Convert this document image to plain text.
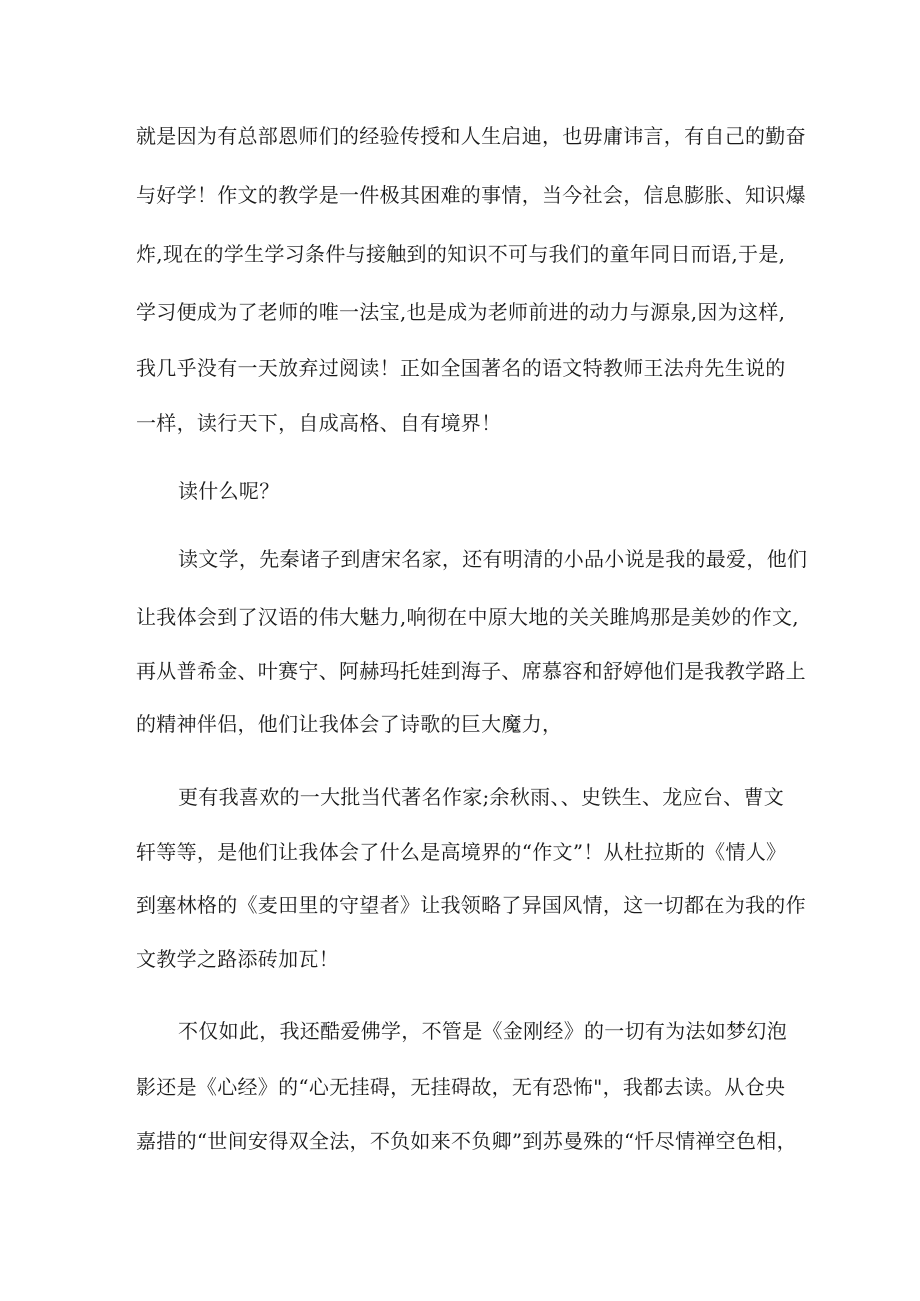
就是因为有总部恩师们的经验传授和人生启迪，也毋庸讳言，有自己的勤奋
与好学！作文的教学是一件极其困难的事情，当今社会，信息膨胀、知识爆
炸,现在的学生学习条件与接触到的知识不可与我们的童年同日而语,于是,
学习便成为了老师的唯一法宝,也是成为老师前进的动力与源泉,因为这样,
我几乎没有一天放弃过阅读！正如全国著名的语文特教师王法舟先生说的
一样，读行天下，自成高格、自有境界！
读什么呢？
读文学，先秦诸子到唐宋名家，还有明清的小品小说是我的最爱，他们
让我体会到了汉语的伟大魅力,响彻在中原大地的关关雎鸠那是美妙的作文,
再从普希金、叶赛宁、阿赫玛托娃到海子、席慕容和舒婷他们是我教学路上
的精神伴侣，他们让我体会了诗歌的巨大魔力，
更有我喜欢的一大批当代著名作家;余秋雨、、史铁生、龙应台、曹文
轩等等，是他们让我体会了什么是高境界的“作文”！从杜拉斯的《情人》
到塞林格的《麦田里的守望者》让我领略了异国风情，这一切都在为我的作
文教学之路添砖加瓦！
不仅如此，我还酷爱佛学，不管是《金刚经》的一切有为法如梦幻泡
影还是《心经》的“心无挂碍，无挂碍故，无有恐怖"，我都去读。从仓央
嘉措的“世间安得双全法，不负如来不负卿”到苏曼殊的“忏尽情禅空色相，
